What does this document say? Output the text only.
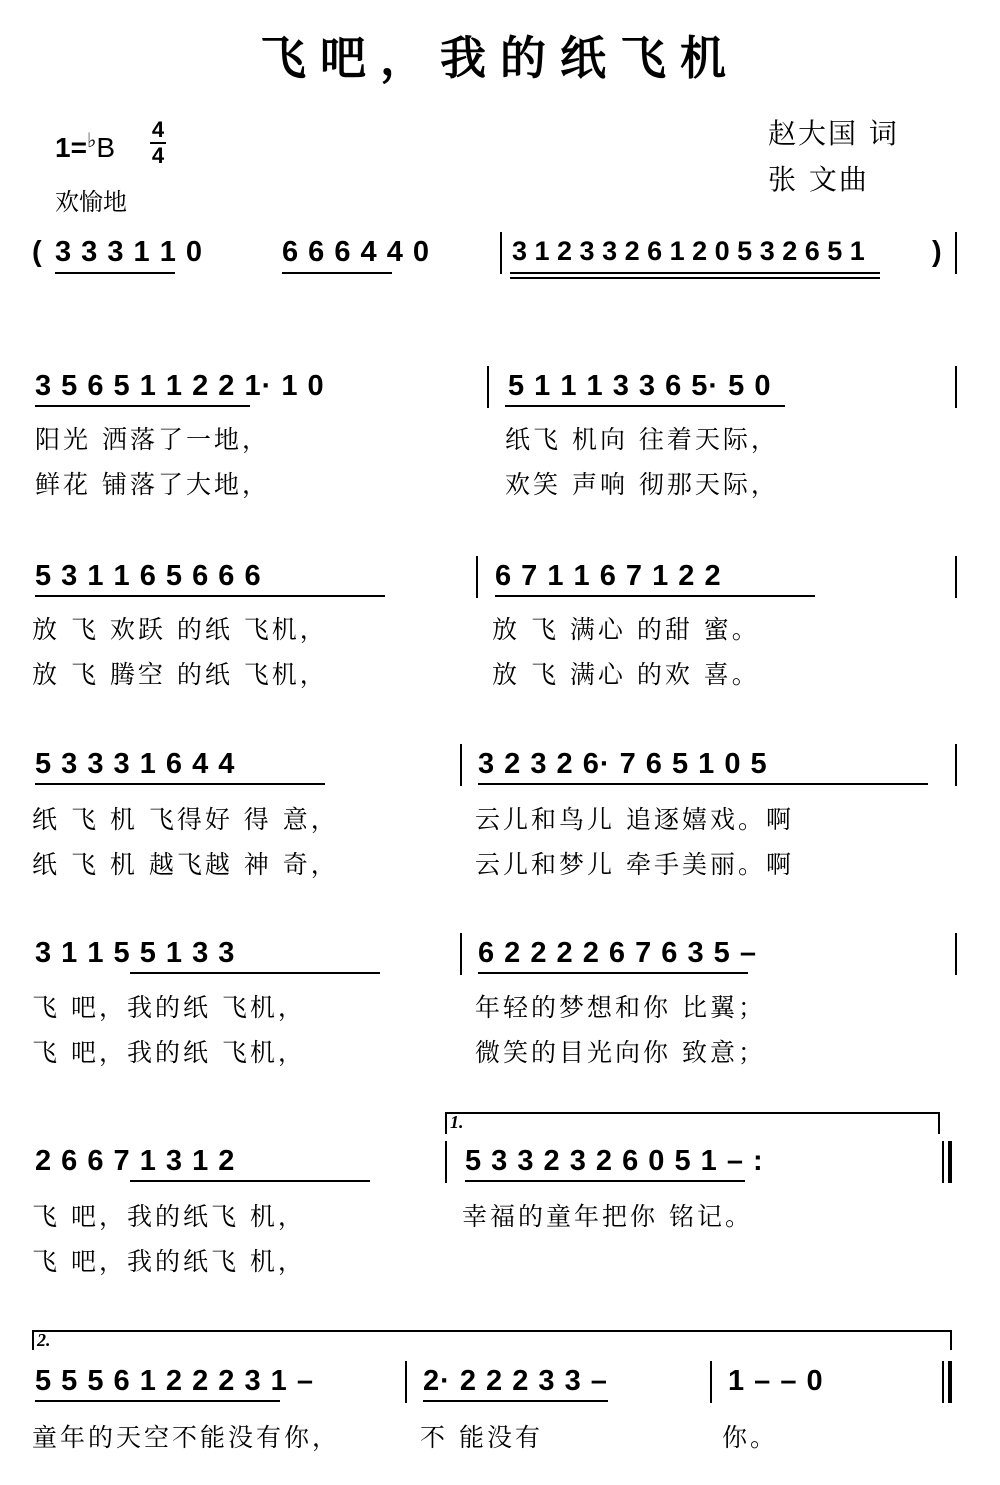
飞吧，我的纸飞机
1=♭B
4
4
欢愉地
赵大国 词
张 文曲
( 3 3 3 1 1 0	6 6 6 4 4 0	3 1 2 3 3 2 6 1 2 0 5 3 2 6 5 1 )
3 5 6 5 1 1 2 2 1· 1 0	5 1 1 1 3 3 6 5· 5 0
阳光 洒落了一地，	纸飞 机向 往着天际，
鲜花 铺落了大地，	欢笑 声响 彻那天际，
5 3 1 1 6 5 6 6 6	6 7 1 1 6 7 1 2 2
放 飞 欢跃 的纸 飞机，	放 飞 满心 的甜 蜜。
放 飞 腾空 的纸 飞机，	放 飞 满心 的欢 喜。
5 3 3 3 1 6 4 4	3 2 3 2 6· 7 6 5 1 0 5
纸 飞 机 飞得好 得 意，	云儿和鸟儿 追逐嬉戏。啊
纸 飞 机 越飞越 神 奇，	云儿和梦儿 牵手美丽。啊
3 1 1 5 5 1 3 3	6 2 2 2 2 6 7 6 3 5 –
飞 吧，我的纸 飞机，	年轻的梦想和你 比翼；
飞 吧，我的纸 飞机，	微笑的目光向你 致意；
1.
2 6 6 7 1 3 1 2	5 3 3 2 3 2 6 0 5 1 – :
飞 吧，我的纸飞 机，	幸福的童年把你 铭记。
飞 吧，我的纸飞 机，
2.
5 5 5 6 1 2 2 2 3 1 –	2· 2 2 2 3 3 –	1 – – 0
童年的天空不能没有你，	不 能没有	你。
